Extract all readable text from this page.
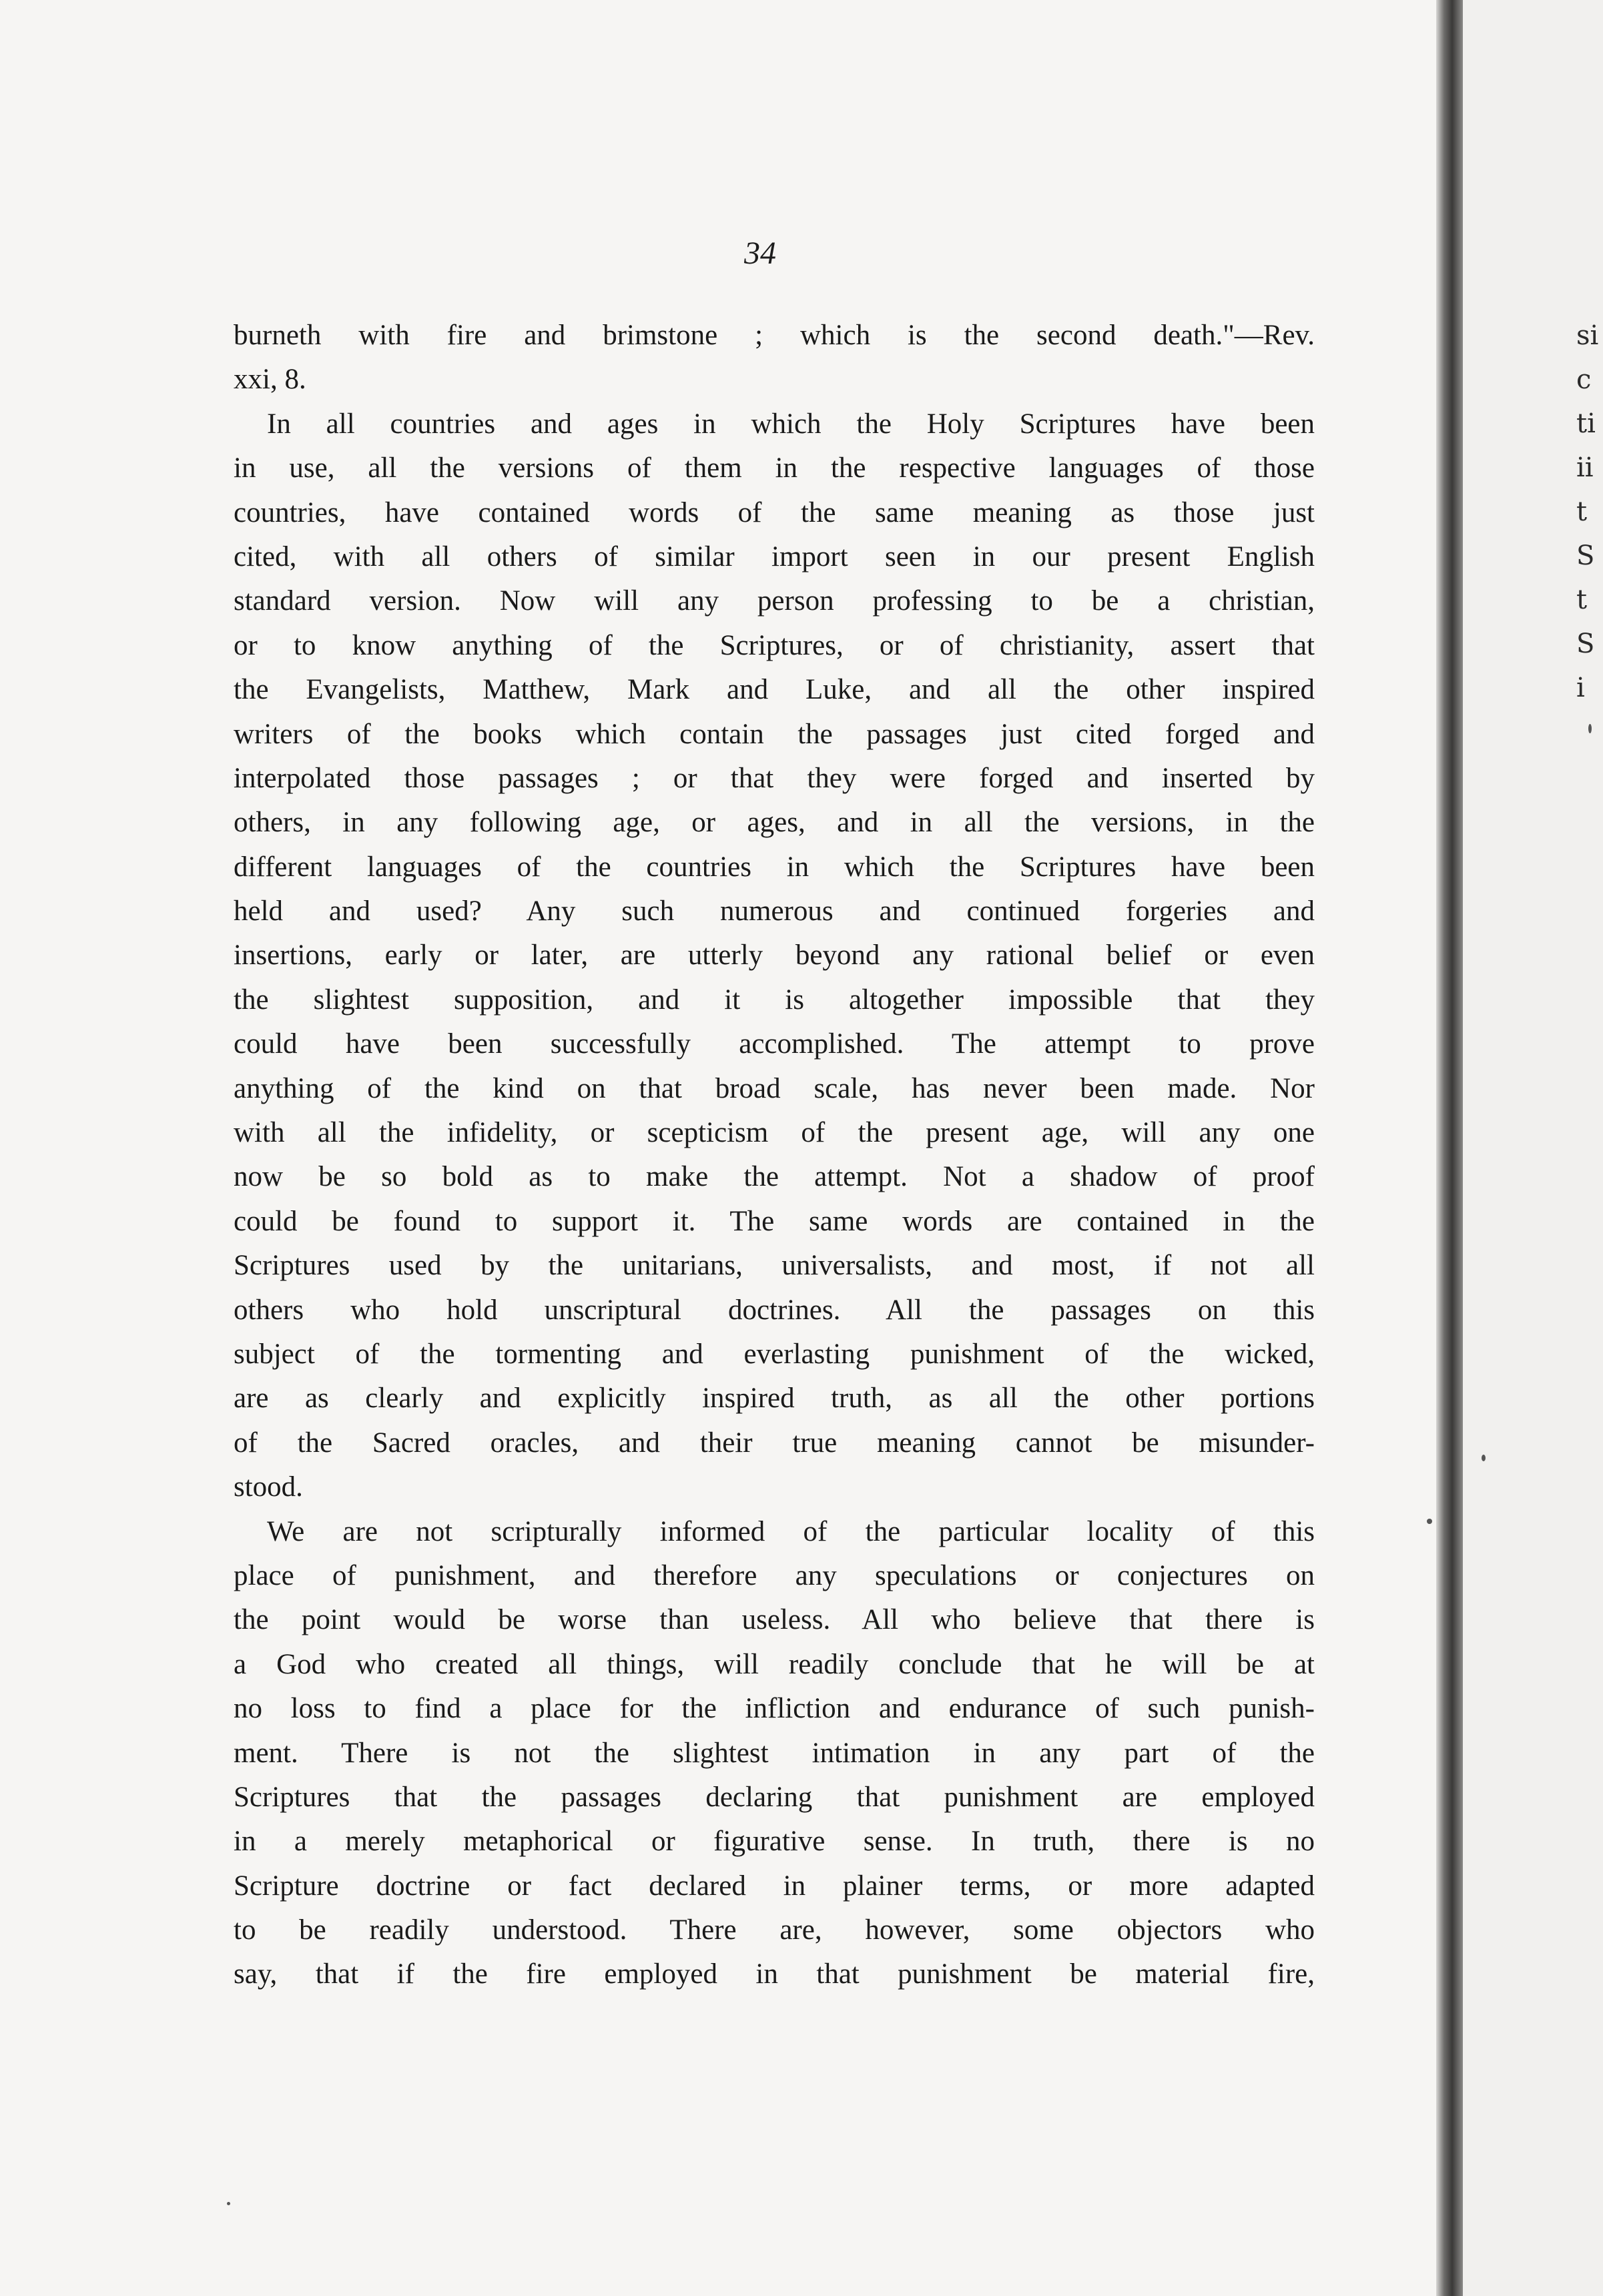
si
c
ti
ii
t
S
t
S
i
34
burneth with fire and brimstone ; which is the second death."—Rev.
xxi, 8.
In all countries and ages in which the Holy Scriptures have been
in use, all the versions of them in the respective languages of those
countries, have contained words of the same meaning as those just
cited, with all others of similar import seen in our present English
standard version. Now will any person professing to be a christian,
or to know anything of the Scriptures, or of christianity, assert that
the Evangelists, Matthew, Mark and Luke, and all the other inspired
writers of the books which contain the passages just cited forged and
interpolated those passages ; or that they were forged and inserted by
others, in any following age, or ages, and in all the versions, in the
different languages of the countries in which the Scriptures have been
held and used? Any such numerous and continued forgeries and
insertions, early or later, are utterly beyond any rational belief or even
the slightest supposition, and it is altogether impossible that they
could have been successfully accomplished. The attempt to prove
anything of the kind on that broad scale, has never been made. Nor
with all the infidelity, or scepticism of the present age, will any one
now be so bold as to make the attempt. Not a shadow of proof
could be found to support it. The same words are contained in the
Scriptures used by the unitarians, universalists, and most, if not all
others who hold unscriptural doctrines. All the passages on this
subject of the tormenting and everlasting punishment of the wicked,
are as clearly and explicitly inspired truth, as all the other portions
of the Sacred oracles, and their true meaning cannot be misunder-
stood.
We are not scripturally informed of the particular locality of this
place of punishment, and therefore any speculations or conjectures on
the point would be worse than useless. All who believe that there is
a God who created all things, will readily conclude that he will be at
no loss to find a place for the infliction and endurance of such punish-
ment. There is not the slightest intimation in any part of the
Scriptures that the passages declaring that punishment are employed
in a merely metaphorical or figurative sense. In truth, there is no
Scripture doctrine or fact declared in plainer terms, or more adapted
to be readily understood. There are, however, some objectors who
say, that if the fire employed in that punishment be material fire,
